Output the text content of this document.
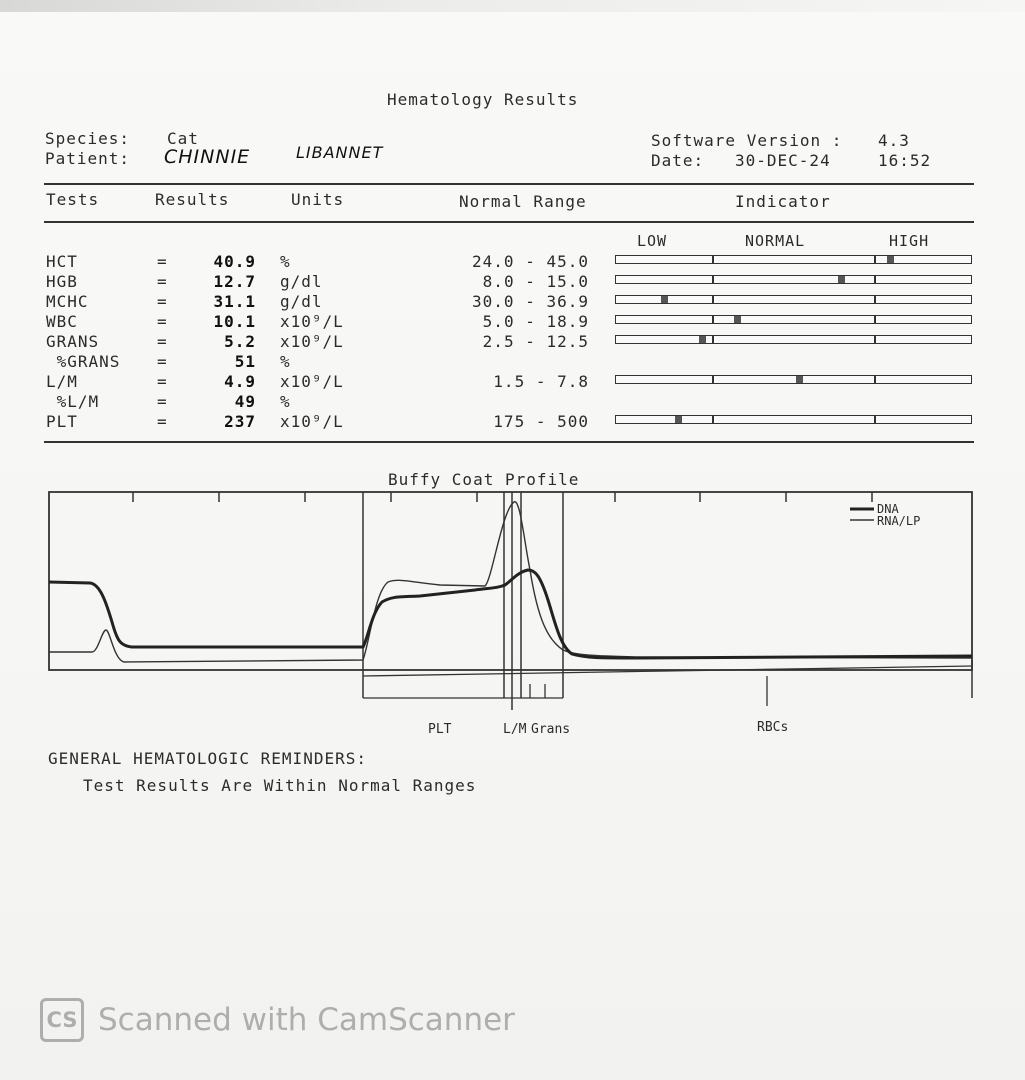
Hematology Results
Species: Cat
Patient: CHINNIE	LIBANNET
Software Version : 4.3
Date: 30-DEC-24	16:52
Tests	Results	Units	Normal Range	Indicator
LOW	NORMAL	HIGH
HCT	=	40.9 %	24.0 - 45.0
HGB	=	12.7 g/dl	8.0 - 15.0
MCHC	=	31.1 g/dl	30.0 - 36.9
WBC	=	10.1 x10⁹/L	5.0 - 18.9
GRANS	=	5.2 x10⁹/L	2.5 - 12.5
%GRANS =	51 %
L/M	=	4.9 x10⁹/L	1.5 - 7.8
%L/M	=	49 %
PLT	=	237 x10⁹/L	175 - 500
Buffy Coat Profile
DNA
RNA/LP
PLT	L/M Grans	RBCs
GENERAL HEMATOLOGIC REMINDERS:
Test Results Are Within Normal Ranges
CS Scanned with CamScanner
